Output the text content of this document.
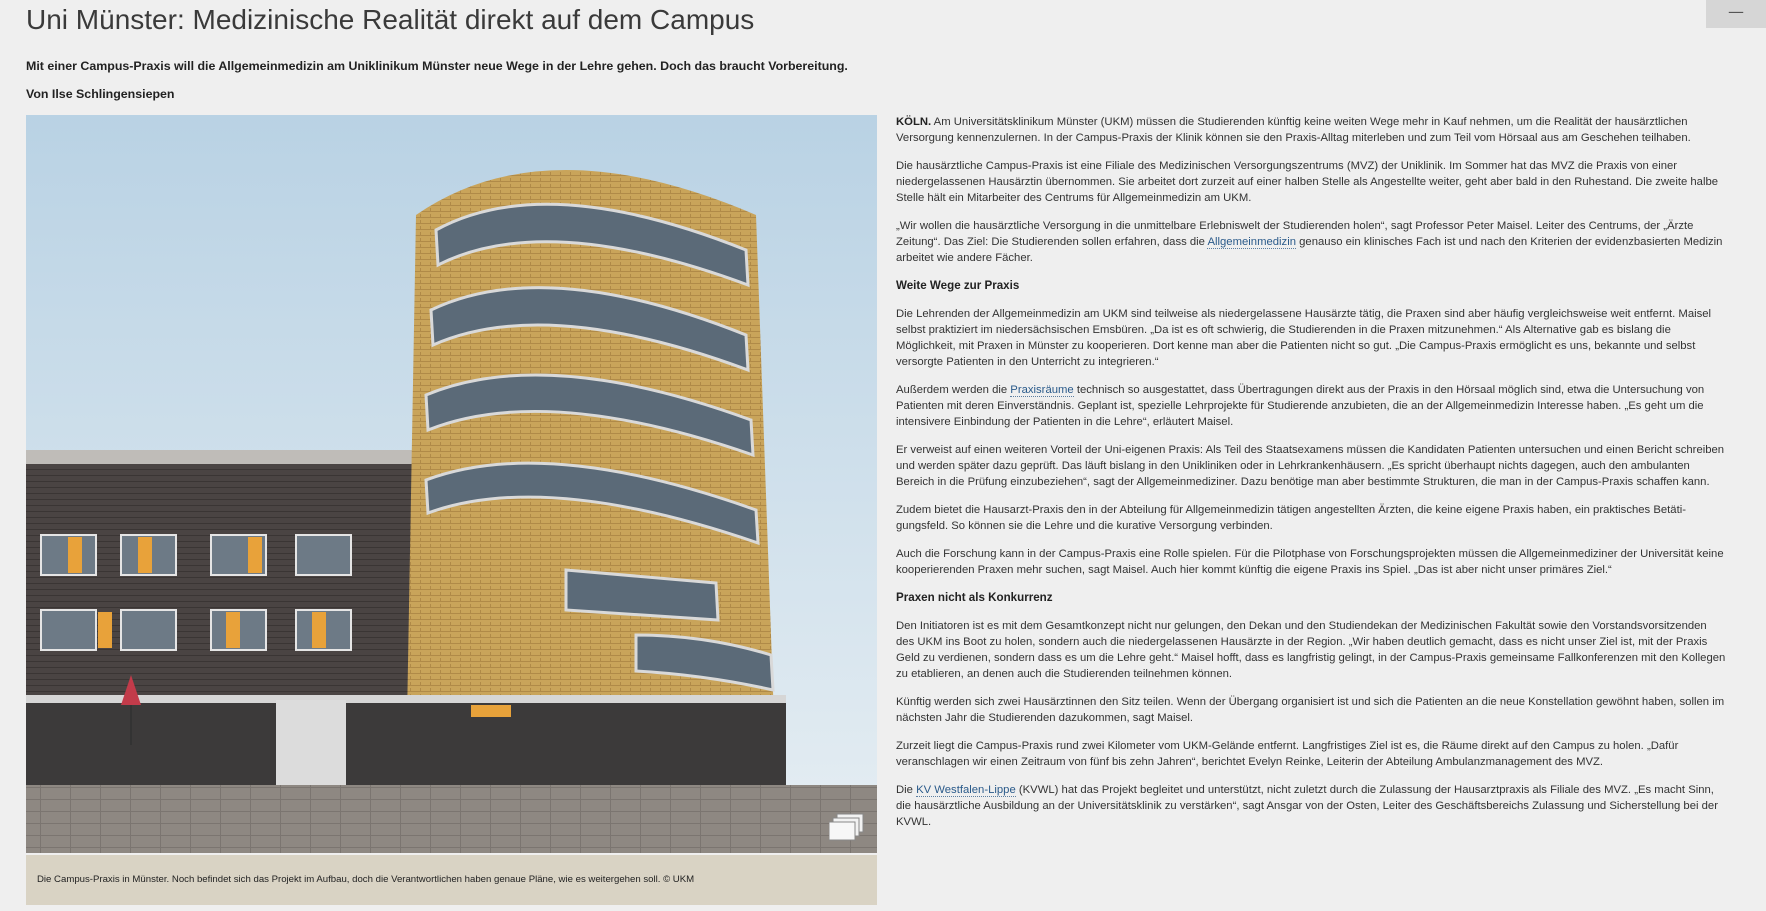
—
Uni Münster: Medizinische Realität direkt auf dem Campus

Mit einer Campus-Praxis will die Allgemeinmedizin am Uniklinikum Münster neue Wege in der Lehre gehen. Doch das braucht Vorbereitung.

Von Ilse Schlingensiepen

Die Campus-Praxis in Münster. Noch befindet sich das Projekt im Aufbau, doch die Verantwortlichen haben genaue Pläne, wie es weitergehen soll. © UKM

KÖLN. Am Universitätsklinikum Münster (UKM) müssen die Studierenden künftig keine weiten Wege mehr in Kauf nehmen, um die Realität der hausärztlichen Versorgung kennenzulernen. In der Campus-Praxis der Klinik können sie den Praxis-Alltag miterleben und zum Teil vom Hörsaal aus am Geschehen teilhaben.

Die hausärztliche Campus-Praxis ist eine Filiale des Medizinischen Versorgungszentrums (MVZ) der Uniklinik. Im Sommer hat das MVZ die Praxis von einer niedergelassenen Hausärztin übernommen. Sie arbeitet dort zurzeit auf einer halben Stelle als Angestellte weiter, geht aber bald in den Ruhestand. Die zweite halbe Stelle hält ein Mitarbeiter des Centrums für Allgemeinmedizin am UKM.

„Wir wollen die hausärztliche Versorgung in die unmittelbare Erlebniswelt der Studierenden holen“, sagt Professor Peter Maisel. Leiter des Centrums, der „Ärzte Zeitung“. Das Ziel: Die Studierenden sollen erfahren, dass die Allgemeinmedizin genauso ein klinisches Fach ist und nach den Kriterien der evidenzbasierten Medizin arbeitet wie andere Fächer.

Weite Wege zur Praxis

Die Lehrenden der Allgemeinmedizin am UKM sind teilweise als niedergelassene Hausärzte tätig, die Praxen sind aber häufig vergleichsweise weit entfernt. Maisel selbst praktiziert im niedersächsischen Emsbüren. „Da ist es oft schwierig, die Studierenden in die Praxen mitzunehmen.“ Als Alternative gab es bislang die Möglichkeit, mit Praxen in Münster zu kooperieren. Dort kenne man aber die Patienten nicht so gut. „Die Campus-Praxis ermöglicht es uns, bekannte und selbst versorgte Patienten in den Unterricht zu integrieren.“

Außerdem werden die Praxisräume technisch so ausgestattet, dass Übertragungen direkt aus der Praxis in den Hörsaal möglich sind, etwa die Untersuchung von Patienten mit deren Einverständnis. Geplant ist, spezielle Lehrprojekte für Studierende anzubieten, die an der Allgemeinmedizin Interesse haben. „Es geht um die intensivere Einbindung der Patienten in die Lehre“, erläutert Maisel.

Er verweist auf einen weiteren Vorteil der Uni-eigenen Praxis: Als Teil des Staatsexamens müssen die Kandidaten Patienten untersuchen und einen Bericht schreiben und werden später dazu geprüft. Das läuft bislang in den Unikliniken oder in Lehrkrankenhäusern. „Es spricht überhaupt nichts dagegen, auch den ambulanten Bereich in die Prüfung einzubeziehen“, sagt der Allgemeinmediziner. Dazu benötige man aber bestimmte Strukturen, die man in der Campus-Praxis schaffen kann.

Zudem bietet die Hausarzt-Praxis den in der Abteilung für Allgemeinmedizin tätigen angestellten Ärzten, die keine eigene Praxis haben, ein praktisches Betätigungsfeld. So können sie die Lehre und die kurative Versorgung verbinden.

Auch die Forschung kann in der Campus-Praxis eine Rolle spielen. Für die Pilotphase von Forschungsprojekten müssen die Allgemeinmediziner der Universität keine kooperierenden Praxen mehr suchen, sagt Maisel. Auch hier kommt künftig die eigene Praxis ins Spiel. „Das ist aber nicht unser primäres Ziel.“

Praxen nicht als Konkurrenz

Den Initiatoren ist es mit dem Gesamtkonzept nicht nur gelungen, den Dekan und den Studiendekan der Medizinischen Fakultät sowie den Vorstandsvorsitzenden des UKM ins Boot zu holen, sondern auch die niedergelassenen Hausärzte in der Region. „Wir haben deutlich gemacht, dass es nicht unser Ziel ist, mit der Praxis Geld zu verdienen, sondern dass es um die Lehre geht.“ Maisel hofft, dass es langfristig gelingt, in der Campus-Praxis gemeinsame Fallkonferenzen mit den Kollegen zu etablieren, an denen auch die Studierenden teilnehmen können.

Künftig werden sich zwei Hausärztinnen den Sitz teilen. Wenn der Übergang organisiert ist und sich die Patienten an die neue Konstellation gewöhnt haben, sollen im nächsten Jahr die Studierenden dazukommen, sagt Maisel.

Zurzeit liegt die Campus-Praxis rund zwei Kilometer vom UKM-Gelände entfernt. Langfristiges Ziel ist es, die Räume direkt auf den Campus zu holen. „Dafür veranschlagen wir einen Zeitraum von fünf bis zehn Jahren“, berichtet Evelyn Reinke, Leiterin der Abteilung Ambulanzmanagement des MVZ.

Die KV Westfalen-Lippe (KVWL) hat das Projekt begleitet und unterstützt, nicht zuletzt durch die Zulassung der Hausarztpraxis als Filiale des MVZ. „Es macht Sinn, die hausärztliche Ausbildung an der Universitätsklinik zu verstärken“, sagt Ansgar von der Osten, Leiter des Geschäftsbereichs Zulassung und Sicherstellung bei der KVWL.
